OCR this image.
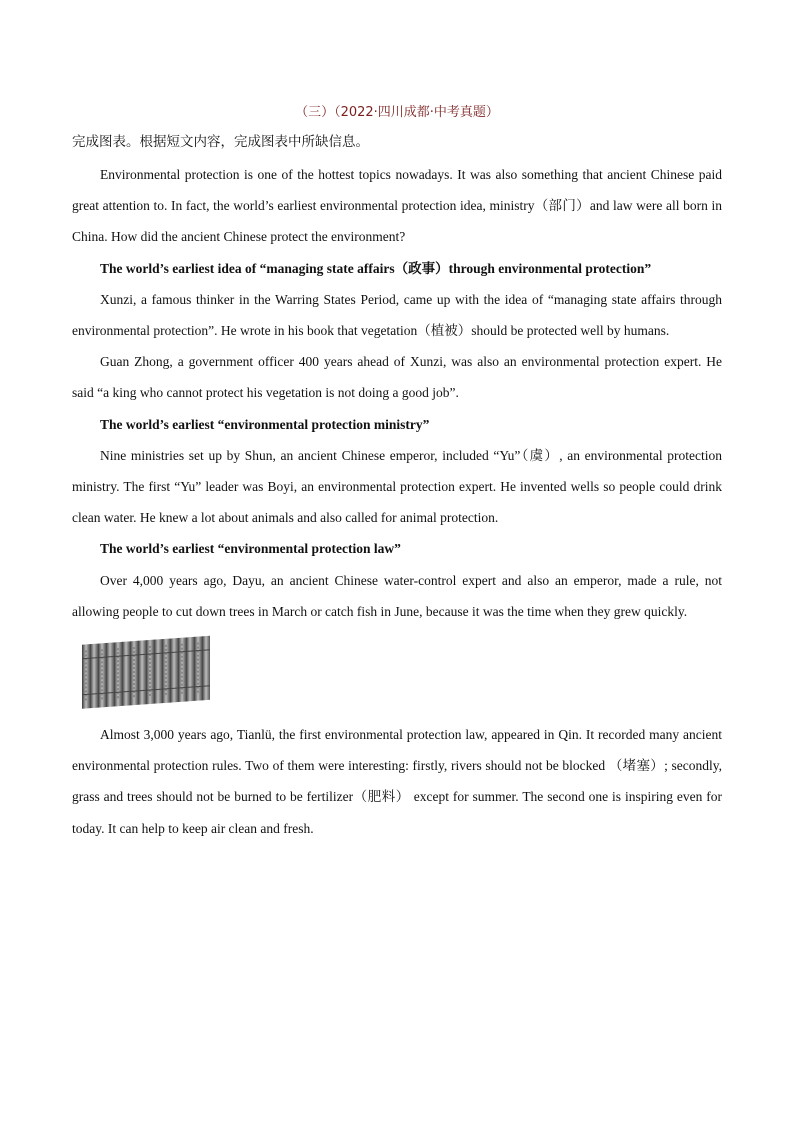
（三）（2022·四川成都·中考真题）
完成图表。根据短文内容，完成图表中所缺信息。

Environmental protection is one of the hottest topics nowadays. It was also something that ancient Chinese paid great attention to. In fact, the world’s earliest environmental protection idea, ministry（部门）and law were all born in China. How did the ancient Chinese protect the environment?

The world’s earliest idea of “managing state affairs（政事）through environmental protection”

Xunzi, a famous thinker in the Warring States Period, came up with the idea of “managing state affairs through environmental protection”. He wrote in his book that vegetation（植被）should be protected well by humans.

Guan Zhong, a government officer 400 years ahead of Xunzi, was also an environmental protection expert. He said “a king who cannot protect his vegetation is not doing a good job”.

The world’s earliest “environmental protection ministry”

Nine ministries set up by Shun, an ancient Chinese emperor, included “Yu”（虞）, an environmental protection ministry. The first “Yu” leader was Boyi, an environmental protection expert. He invented wells so people could drink clean water. He knew a lot about animals and also called for animal protection.

The world’s earliest “environmental protection law”

Over 4,000 years ago, Dayu, an ancient Chinese water-control expert and also an emperor, made a rule, not allowing people to cut down trees in March or catch fish in June, because it was the time when they grew quickly.

Almost 3,000 years ago, Tianlü, the first environmental protection law, appeared in Qin. It recorded many ancient environmental protection rules. Two of them were interesting: firstly, rivers should not be blocked （堵塞）; secondly, grass and trees should not be burned to be fertilizer（肥料） except for summer. The second one is inspiring even for today. It can help to keep air clean and fresh.
